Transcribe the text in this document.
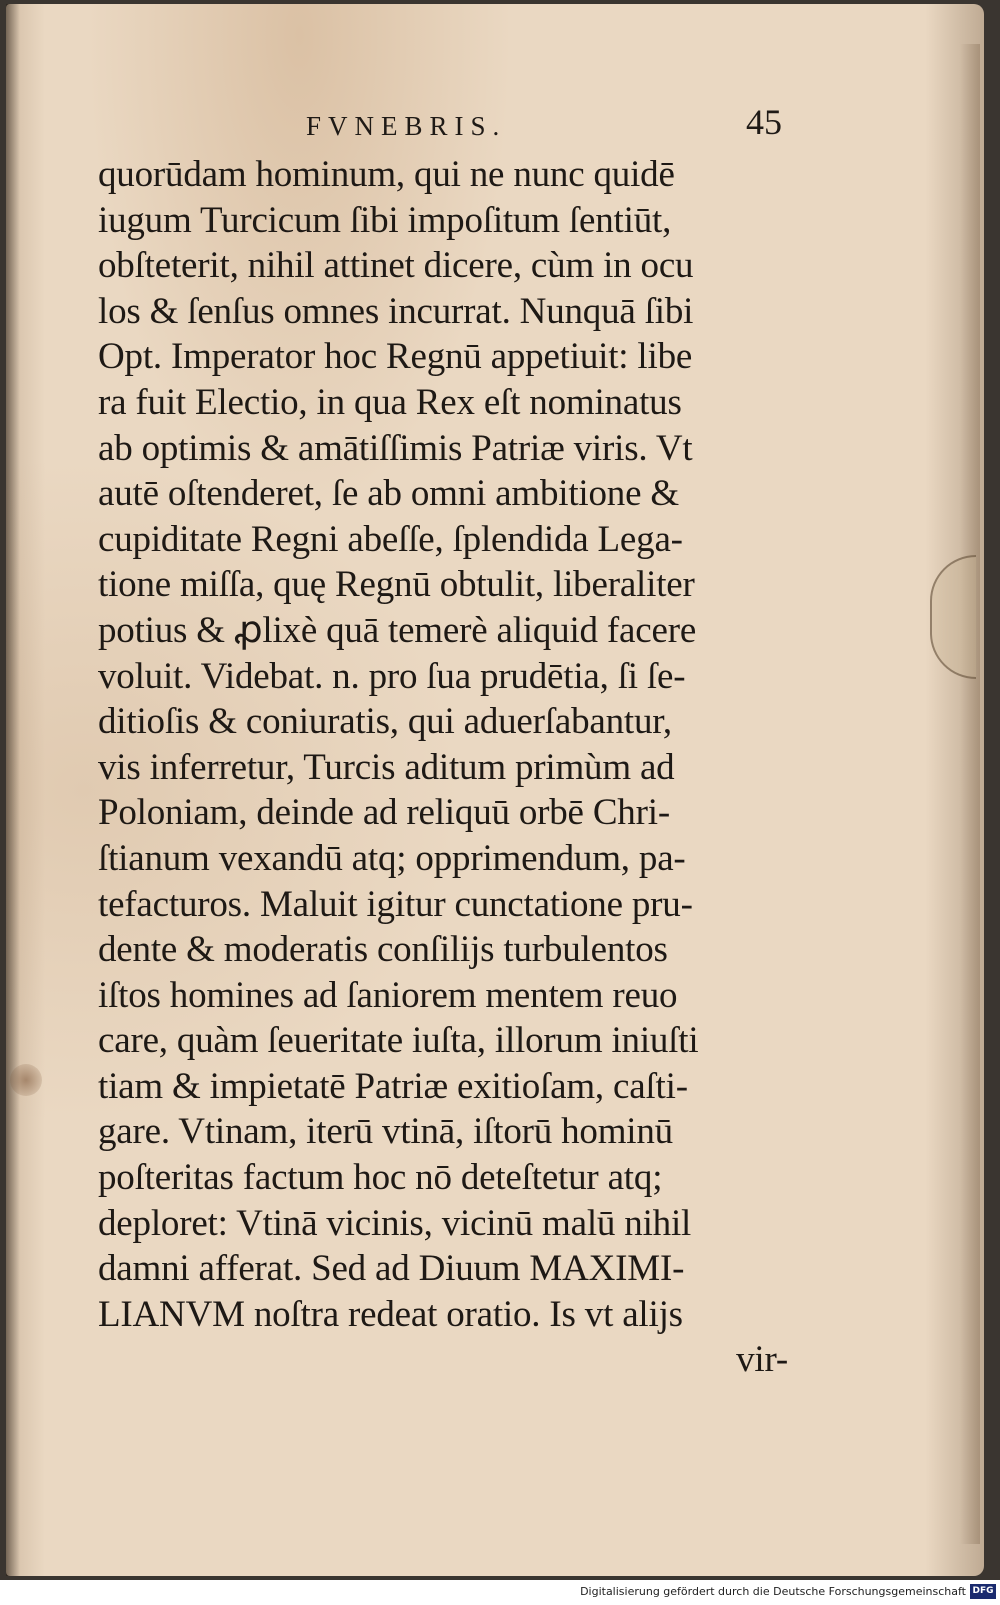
FVNEBRIS.	45
quorūdam hominum, qui ne nunc quidē
iugum Turcicum ſibi impoſitum ſentiūt,
obſteterit, nihil attinet dicere, cùm in ocu
los & ſenſus omnes incurrat. Nunquā ſibi
Opt. Imperator hoc Regnū appetiuit: libe
ra fuit Electio, in qua Rex eſt nominatus
ab optimis & amātiſſimis Patriæ viris. Vt
autē oſtenderet, ſe ab omni ambitione &
cupiditate Regni abeſſe, ſplendida Lega-
tione miſſa, quę Regnū obtulit, liberaliter
potius & ꝓlixè quā temerè aliquid facere
voluit. Videbat. n. pro ſua prudētia, ſi ſe-
ditioſis & coniuratis, qui aduerſabantur,
vis inferretur, Turcis aditum primùm ad
Poloniam, deinde ad reliquū orbē Chri-
ſtianum vexandū atq; opprimendum, pa-
tefacturos. Maluit igitur cunctatione pru-
dente & moderatis conſilijs turbulentos
iſtos homines ad ſaniorem mentem reuo
care, quàm ſeueritate iuſta, illorum iniuſti
tiam & impietatē Patriæ exitioſam, caſti-
gare. Vtinam, iterū vtinā, iſtorū hominū
poſteritas factum hoc nō deteſtetur atq;
deploret: Vtinā vicinis, vicinū malū nihil
damni afferat. Sed ad Diuum MAXIMI-
LIANVM noſtra redeat oratio. Is vt alijs
vir-
Digitalisierung gefördert durch die Deutsche Forschungsgemeinschaft DFG
